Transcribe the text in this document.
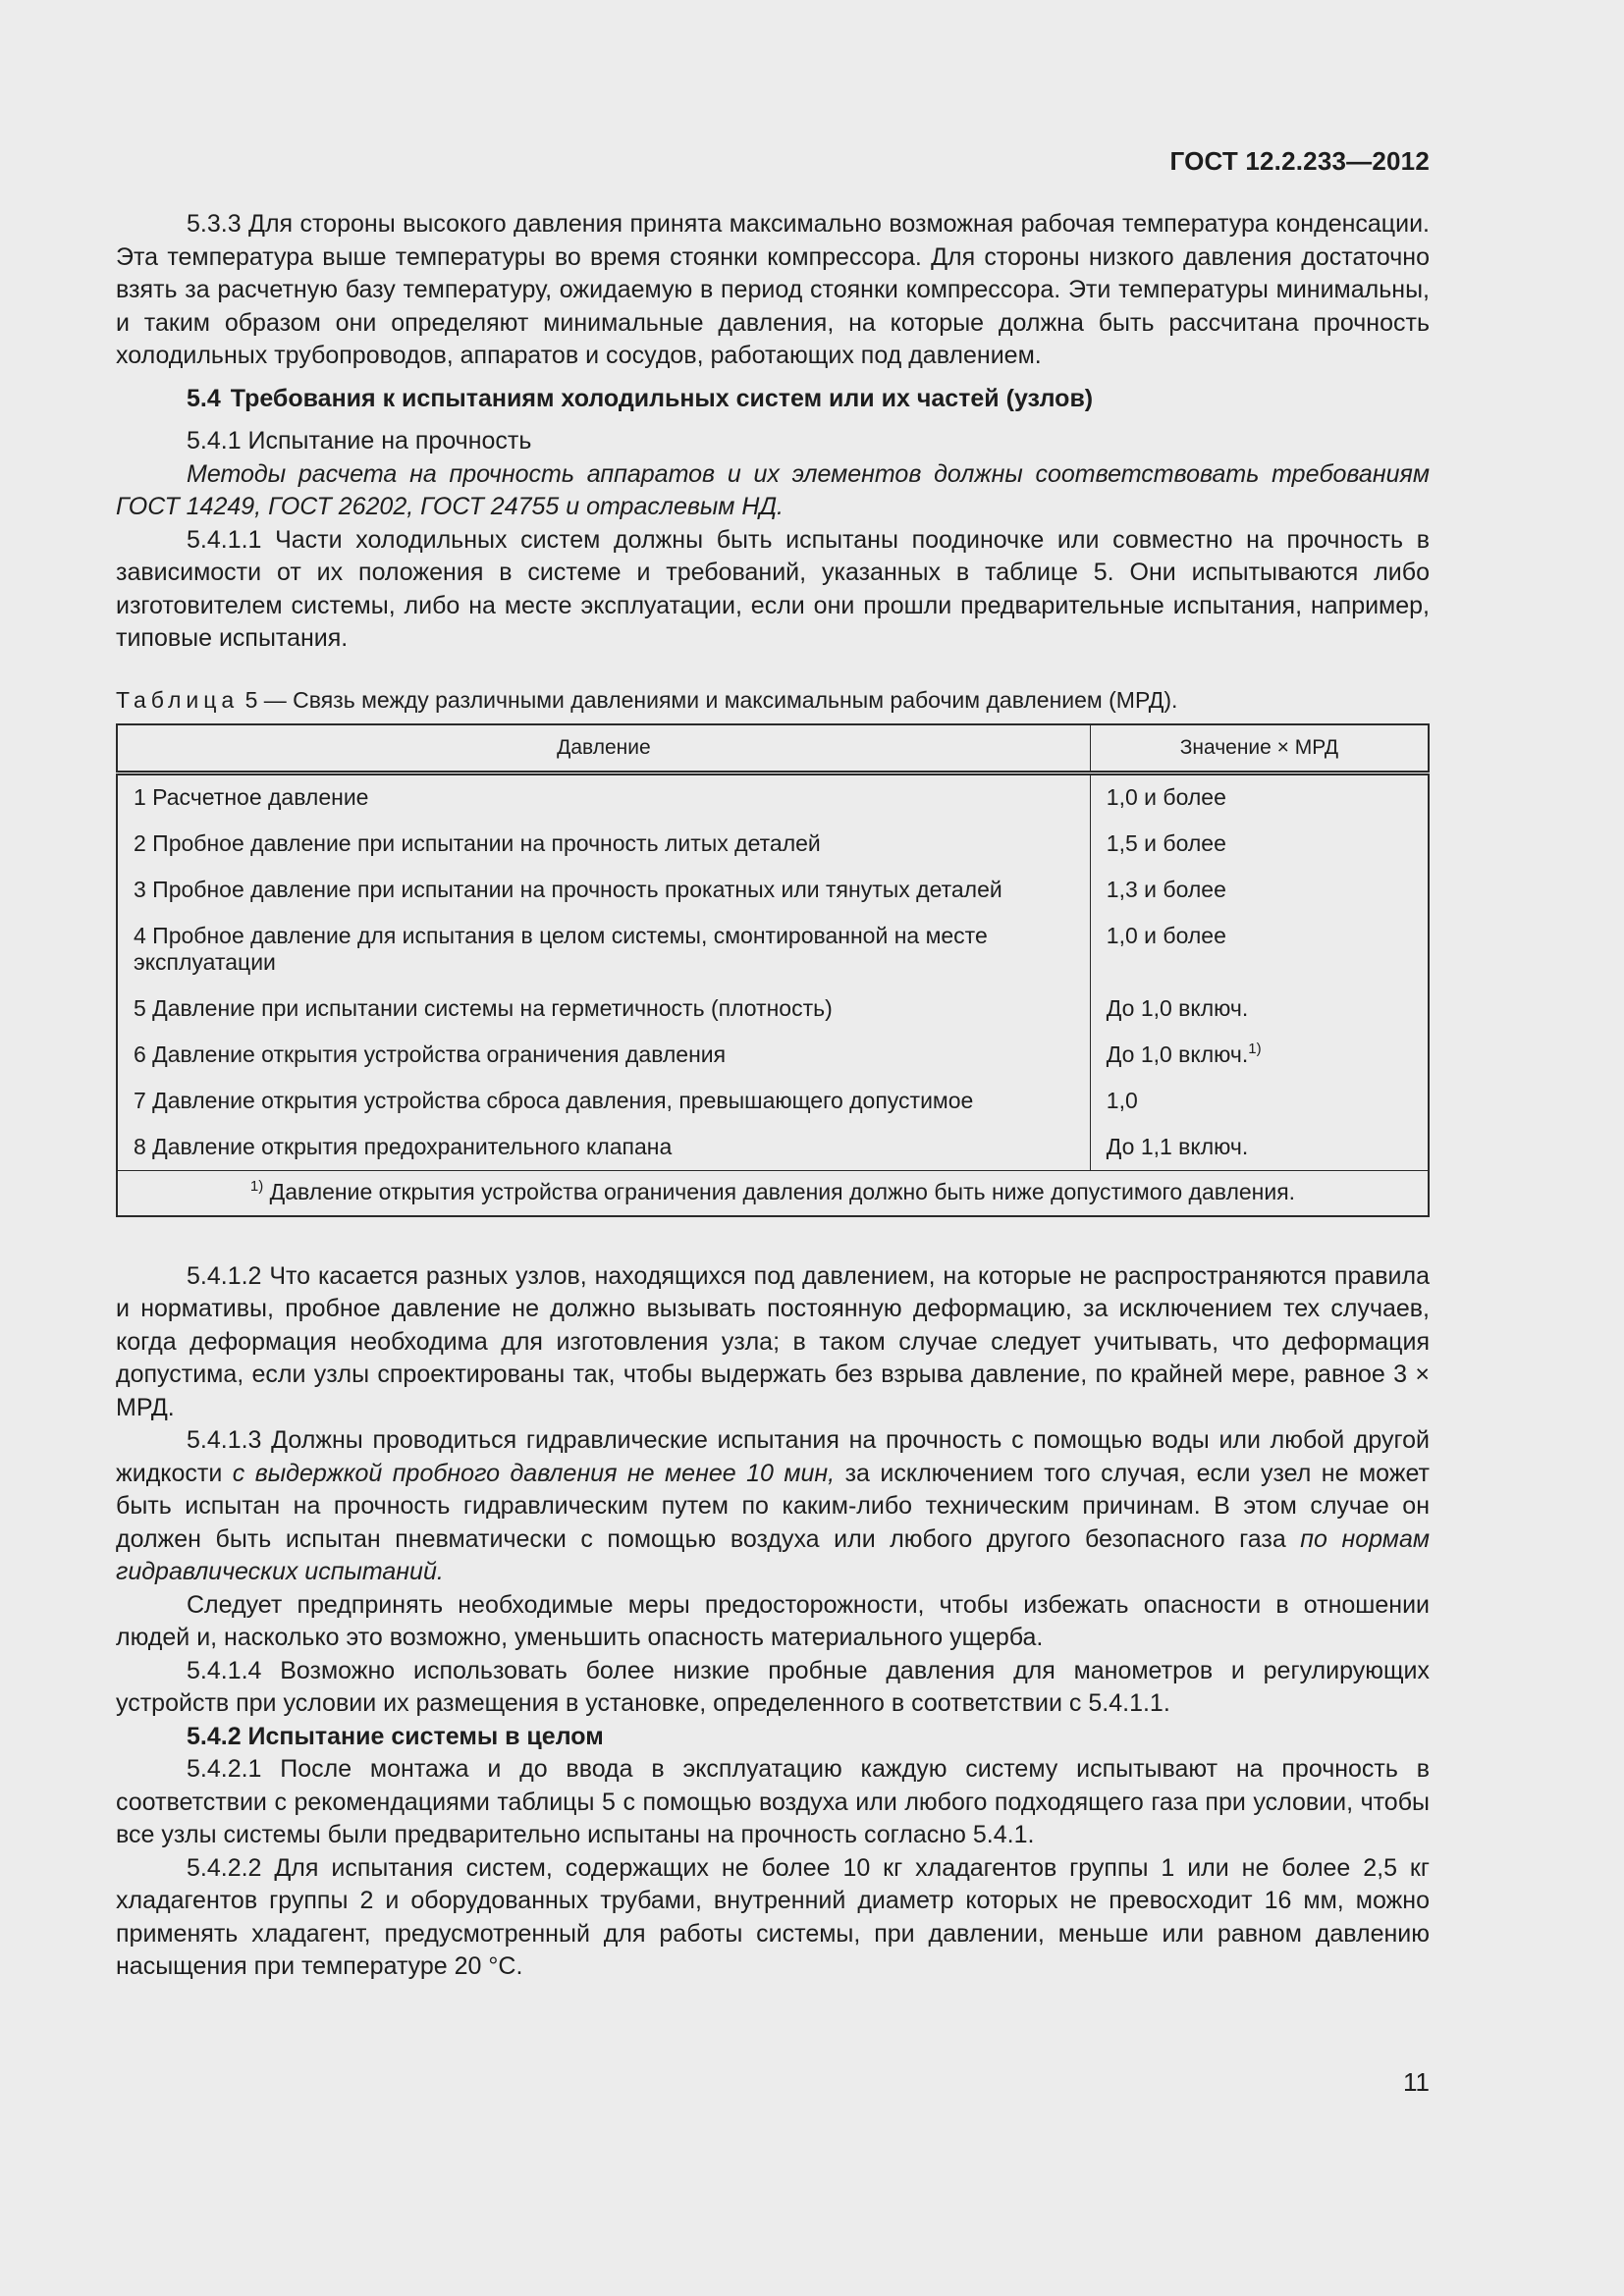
ГОСТ 12.2.233—2012

5.3.3 Для стороны высокого давления принята максимально возможная рабочая температура конденсации. Эта температура выше температуры во время стоянки компрессора. Для стороны низкого давления достаточно взять за расчетную базу температуру, ожидаемую в период стоянки компрессора. Эти температуры минимальны, и таким образом они определяют минимальные давления, на которые должна быть рассчитана прочность холодильных трубопроводов, аппаратов и сосудов, работающих под давлением.

5.4 Требования к испытаниям холодильных систем или их частей (узлов)

5.4.1 Испытание на прочность

Методы расчета на прочность аппаратов и их элементов должны соответствовать требованиям ГОСТ 14249, ГОСТ 26202, ГОСТ 24755 и отраслевым НД.

5.4.1.1 Части холодильных систем должны быть испытаны поодиночке или совместно на прочность в зависимости от их положения в системе и требований, указанных в таблице 5. Они испытываются либо изготовителем системы, либо на месте эксплуатации, если они прошли предварительные испытания, например, типовые испытания.

Таблица 5 — Связь между различными давлениями и максимальным рабочим давлением (МРД).

Давление	Значение × МРД
1 Расчетное давление	1,0 и более
2 Пробное давление при испытании на прочность литых деталей	1,5 и более
3 Пробное давление при испытании на прочность прокатных или тянутых деталей	1,3 и более
4 Пробное давление для испытания в целом системы, смонтированной на месте эксплуатации	1,0 и более
5 Давление при испытании системы на герметичность (плотность)	До 1,0 включ.
6 Давление открытия устройства ограничения давления	До 1,0 включ.$^{1)}$
7 Давление открытия устройства сброса давления, превышающего допустимое	1,0
8 Давление открытия предохранительного клапана	До 1,1 включ.
$^{1)}$ Давление открытия устройства ограничения давления должно быть ниже допустимого давления.	

5.4.1.2 Что касается разных узлов, находящихся под давлением, на которые не распространяются правила и нормативы, пробное давление не должно вызывать постоянную деформацию, за исключением тех случаев, когда деформация необходима для изготовления узла; в таком случае следует учитывать, что деформация допустима, если узлы спроектированы так, чтобы выдержать без взрыва давление, по крайней мере, равное 3 × МРД.

5.4.1.3 Должны проводиться гидравлические испытания на прочность с помощью воды или любой другой жидкости с выдержкой пробного давления не менее 10 мин, за исключением того случая, если узел не может быть испытан на прочность гидравлическим путем по каким-либо техническим причинам. В этом случае он должен быть испытан пневматически с помощью воздуха или любого другого безопасного газа по нормам гидравлических испытаний.

Следует предпринять необходимые меры предосторожности, чтобы избежать опасности в отношении людей и, насколько это возможно, уменьшить опасность материального ущерба.

5.4.1.4 Возможно использовать более низкие пробные давления для манометров и регулирующих устройств при условии их размещения в установке, определенного в соответствии с 5.4.1.1.

5.4.2 Испытание системы в целом

5.4.2.1 После монтажа и до ввода в эксплуатацию каждую систему испытывают на прочность в соответствии с рекомендациями таблицы 5 с помощью воздуха или любого подходящего газа при условии, чтобы все узлы системы были предварительно испытаны на прочность согласно 5.4.1.

5.4.2.2 Для испытания систем, содержащих не более 10 кг хладагентов группы 1 или не более 2,5 кг хладагентов группы 2 и оборудованных трубами, внутренний диаметр которых не превосходит 16 мм, можно применять хладагент, предусмотренный для работы системы, при давлении, меньше или равном давлению насыщения при температуре 20 °С.

11
